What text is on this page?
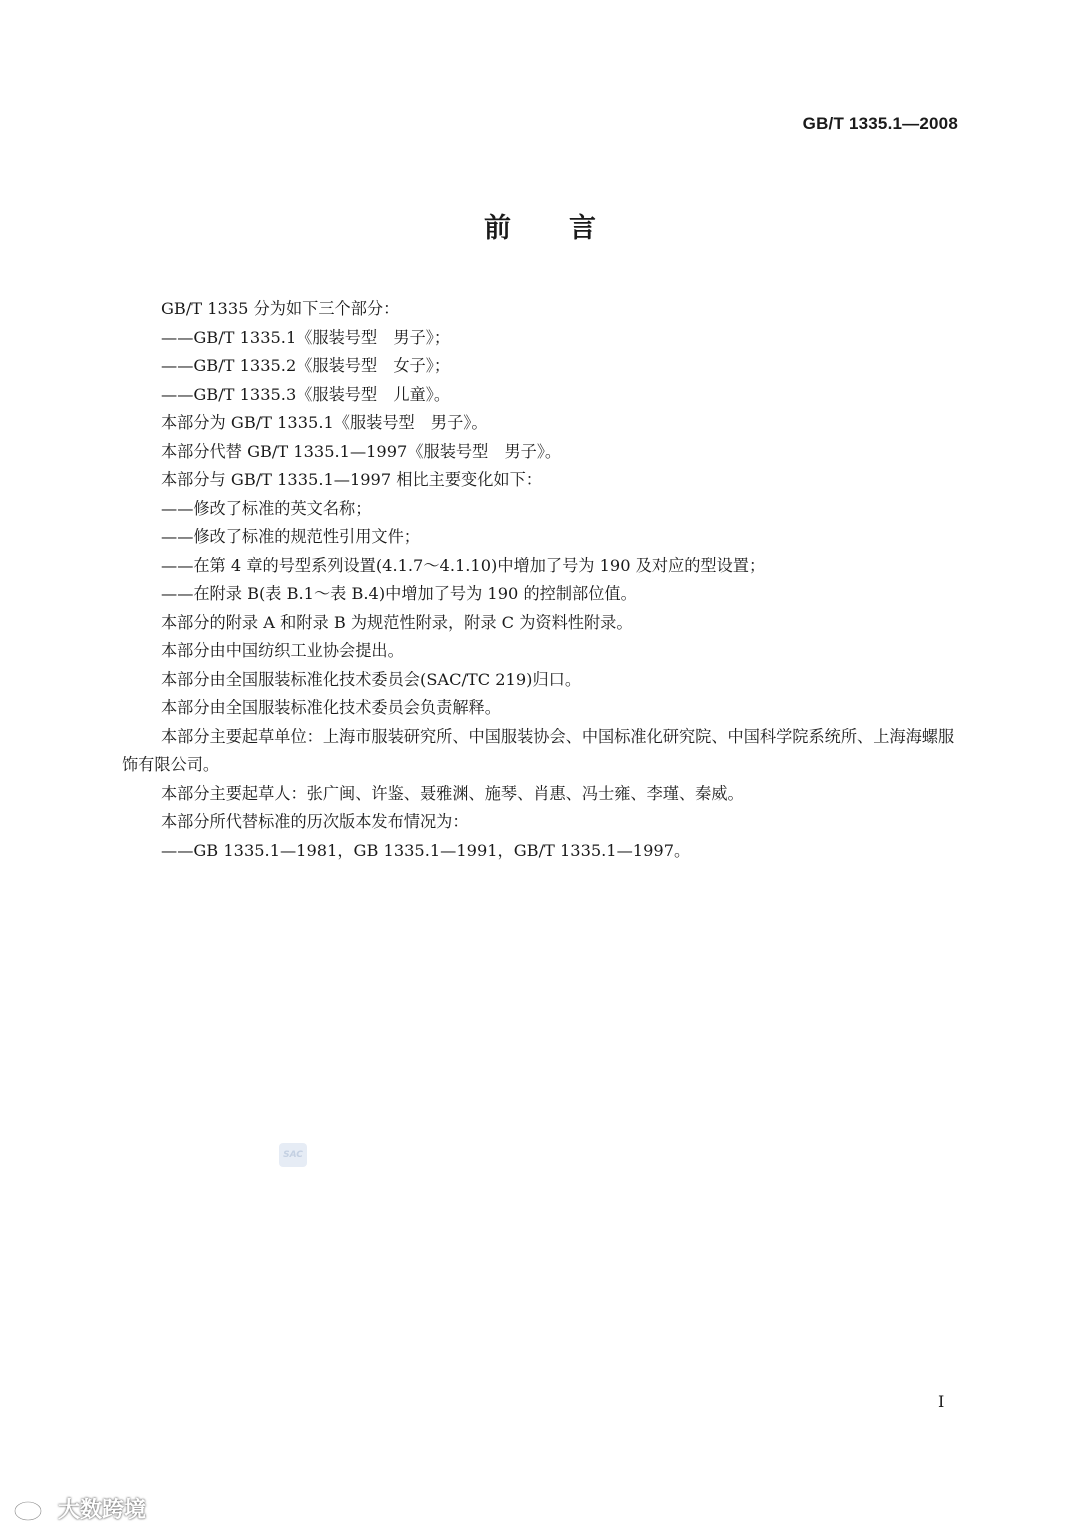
GB/T 1335.1—2008
前言

GB/T 1335 分为如下三个部分：

——GB/T 1335.1《服装号型　男子》；

——GB/T 1335.2《服装号型　女子》；

——GB/T 1335.3《服装号型　儿童》。

本部分为 GB/T 1335.1《服装号型　男子》。

本部分代替 GB/T 1335.1—1997《服装号型　男子》。

本部分与 GB/T 1335.1—1997 相比主要变化如下：

——修改了标准的英文名称；

——修改了标准的规范性引用文件；

——在第 4 章的号型系列设置(4.1.7～4.1.10)中增加了号为 190 及对应的型设置；

——在附录 B(表 B.1～表 B.4)中增加了号为 190 的控制部位值。

本部分的附录 A 和附录 B 为规范性附录，附录 C 为资料性附录。

本部分由中国纺织工业协会提出。

本部分由全国服装标准化技术委员会(SAC/TC 219)归口。

本部分由全国服装标准化技术委员会负责解释。

本部分主要起草单位：上海市服装研究所、中国服装协会、中国标准化研究院、中国科学院系统所、上海海螺服饰有限公司。

本部分主要起草人：张广闽、许鉴、聂雅渊、施琴、肖惠、冯士雍、李瑾、秦威。

本部分所代替标准的历次版本发布情况为：

——GB 1335.1—1981，GB 1335.1—1991，GB/T 1335.1—1997。

SAC
I
大数跨境
